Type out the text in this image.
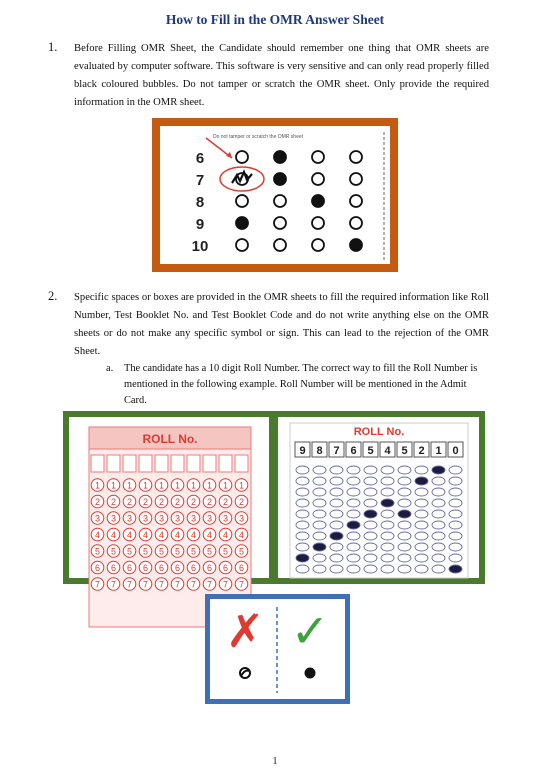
How to Fill in the OMR Answer Sheet
1. Before Filling OMR Sheet, the Candidate should remember one thing that OMR sheets are evaluated by computer software. This software is very sensitive and can only read properly filled black coloured bubbles. Do not tamper or scratch the OMR sheet. Only provide the required information in the OMR sheet.
Do not tamper or scratch the OMR sheet
6
7
8
9
10
2. Specific spaces or boxes are provided in the OMR sheets to fill the required information like Roll Number, Test Booklet No. and Test Booklet Code and do not write anything else on the OMR sheets or do not make any specific symbol or sign. This can lead to the rejection of the OMR Sheet.
a. The candidate has a 10 digit Roll Number. The correct way to fill the Roll Number is mentioned in the following example. Roll Number will be mentioned in the Admit Card.
ROLL No.
1 1 1 1 1 1 1 1 1 1
2 2 2 2 2 2 2 2 2 2
3 3 3 3 3 3 3 3 3 3
4 4 4 4 4 4 4 4 4 4
5 5 5 5 5 5 5 5 5 5
6 6 6 6 6 6 6 6 6 6
7 7 7 7 7 7 7 7 7 7
ROLL No.
9 8 7 6 5 4 5 2 1 0
✗ ✓
1
